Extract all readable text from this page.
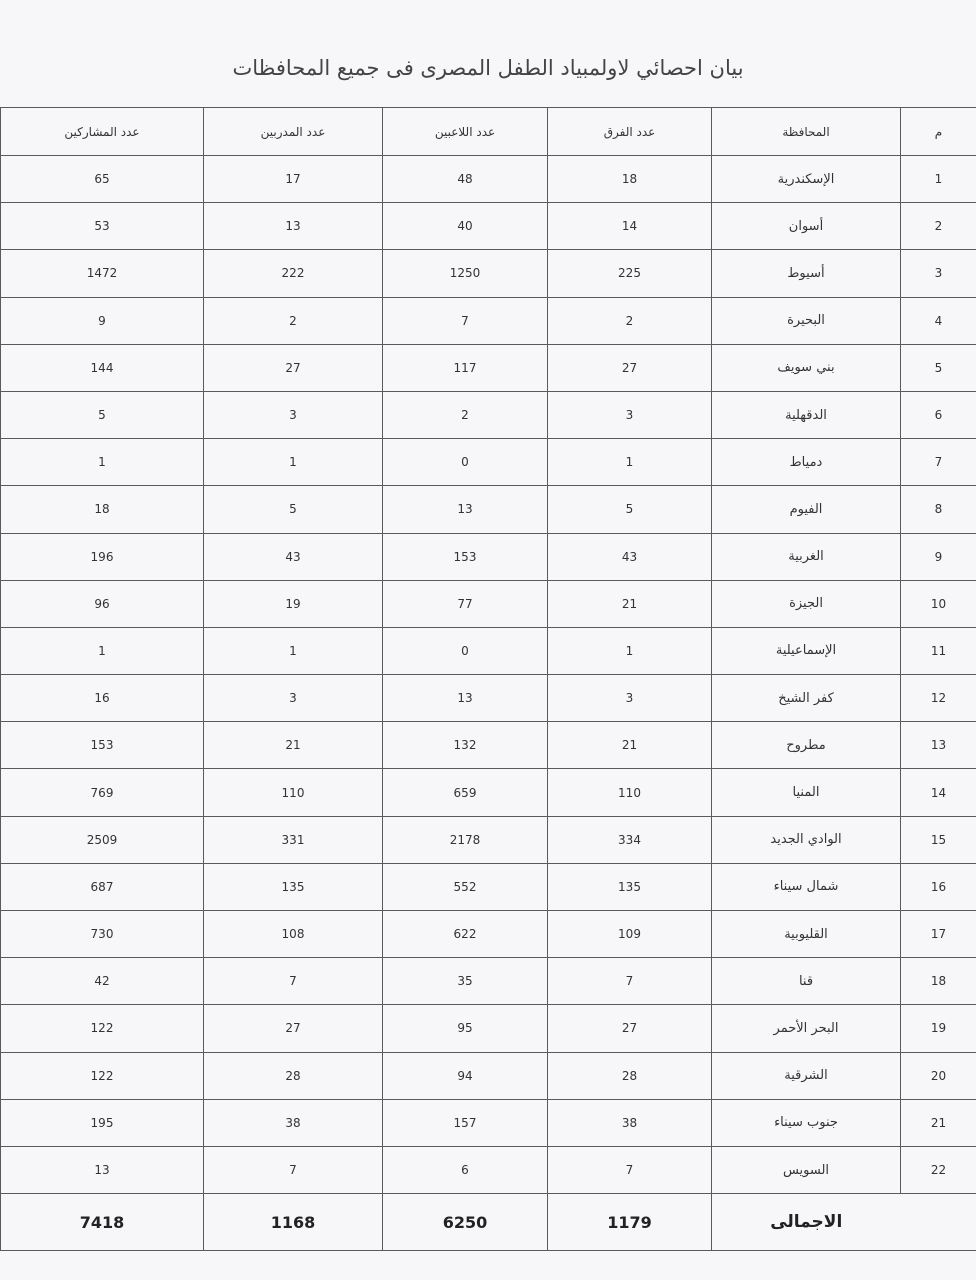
بيان احصائي لاولمبياد الطفل المصرى فى جميع المحافظات
م	المحافظة	عدد الفرق	عدد اللاعبين	عدد المدربين	عدد المشاركين
1	الإسكندرية	18	48	17	65
2	أسوان	14	40	13	53
3	أسيوط	225	1250	222	1472
4	البحيرة	2	7	2	9
5	بني سويف	27	117	27	144
6	الدقهلية	3	2	3	5
7	دمياط	1	0	1	1
8	الفيوم	5	13	5	18
9	الغربية	43	153	43	196
10	الجيزة	21	77	19	96
11	الإسماعيلية	1	0	1	1
12	كفر الشيخ	3	13	3	16
13	مطروح	21	132	21	153
14	المنيا	110	659	110	769
15	الوادي الجديد	334	2178	331	2509
16	شمال سيناء	135	552	135	687
17	القليوبية	109	622	108	730
18	قنا	7	35	7	42
19	البحر الأحمر	27	95	27	122
20	الشرقية	28	94	28	122
21	جنوب سيناء	38	157	38	195
22	السويس	7	6	7	13
	الاجمالى	1179	6250	1168	7418
